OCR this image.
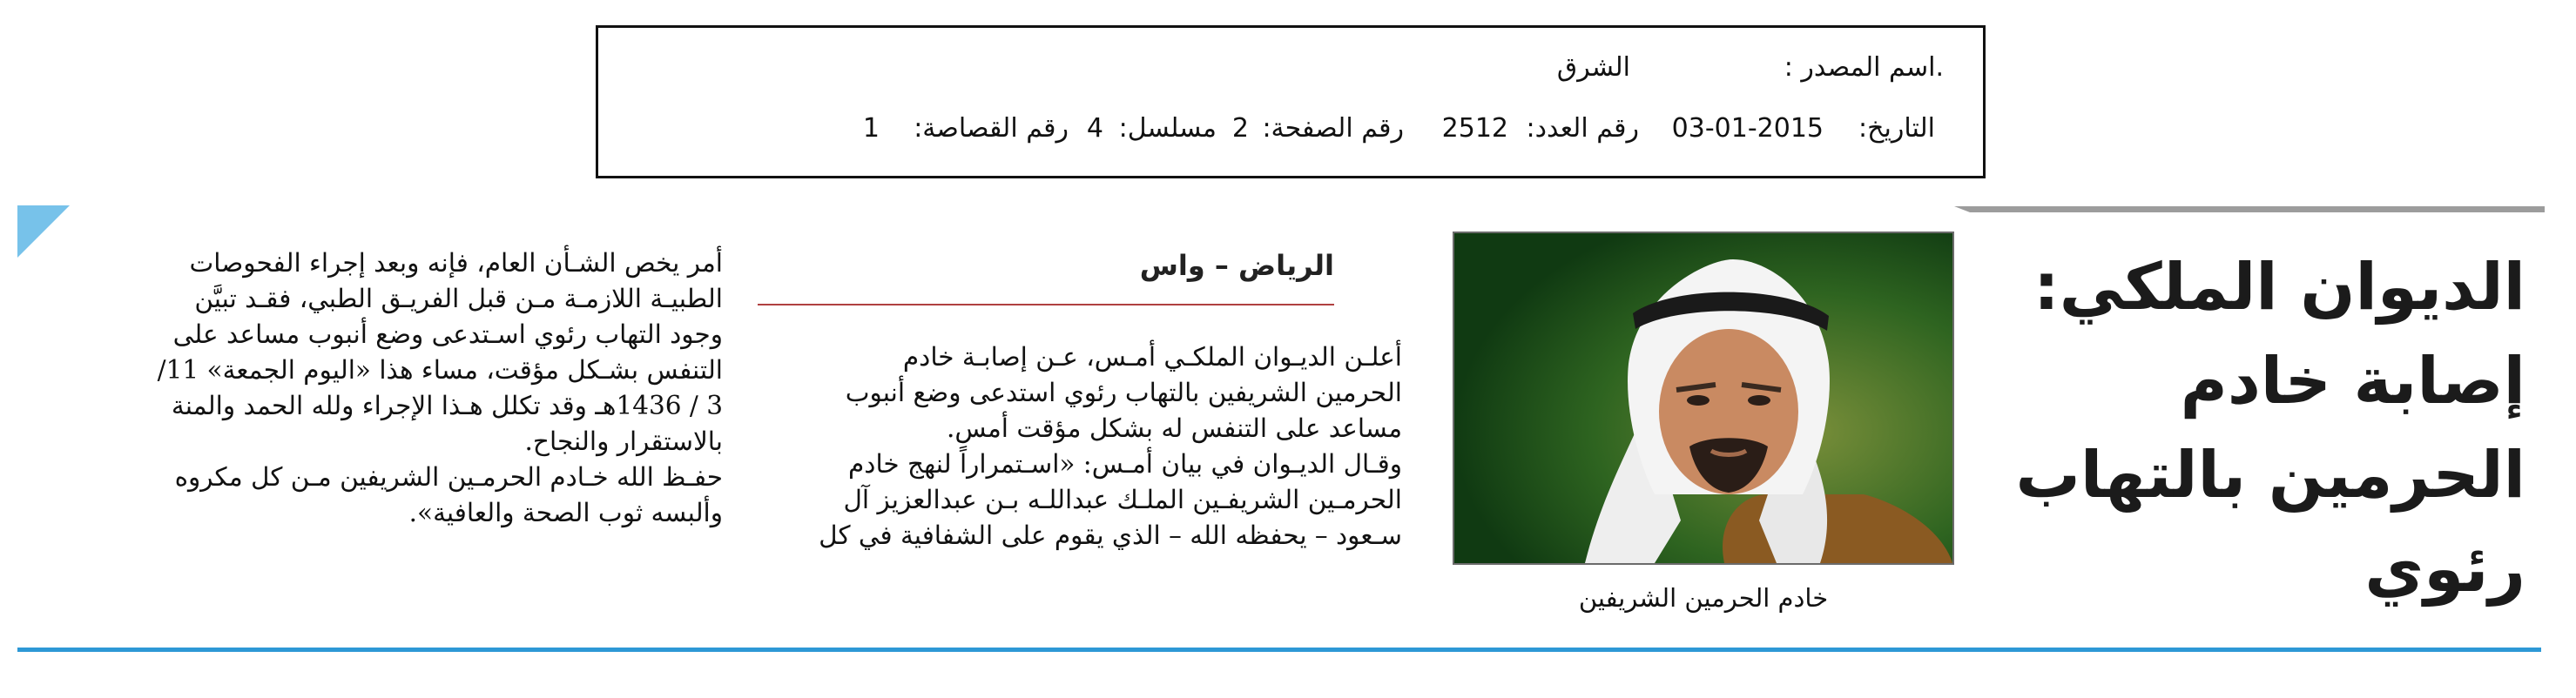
.اسم المصدر :
الشرق
التاريخ:
03-01-2015
رقم العدد:
2512
رقم الصفحة:
2
مسلسل:
4
رقم القصاصة:
1
الديوان الملكي:
إصابة خادم
الحرمين بالتهاب
رئوي
خادم الحرمين الشريفين
الرياض – واس
أعلـن الديـوان الملكـي أمـس، عـن إصابـة خادم
الحرمين الشريفين بالتهاب رئوي استدعى وضع أنبوب
مساعد على التنفس له بشكل مؤقت أمس.
وقـال الديـوان في بيان أمـس: «اسـتمراراً لنهج خادم
الحرمـين الشريفـين الملـك عبداللـه بـن عبدالعزيز آل
سـعود – يحفظه الله – الذي يقوم على الشفافية في كل
أمر يخص الشـأن العام، فإنه وبعد إجراء الفحوصات
الطبيـة اللازمـة مـن قبل الفريـق الطبي، فقـد تبيَّن
وجود التهاب رئوي اسـتدعى وضع أنبوب مساعد على
التنفس بشـكل مؤقت، مساء هذا «اليوم الجمعة» 11/
3 / 1436هـ وقد تكلل هـذا الإجراء ولله الحمد والمنة
بالاستقرار والنجاح.
حفـظ الله خـادم الحرمـين الشريفين مـن كل مكروه
وألبسه ثوب الصحة والعافية».
